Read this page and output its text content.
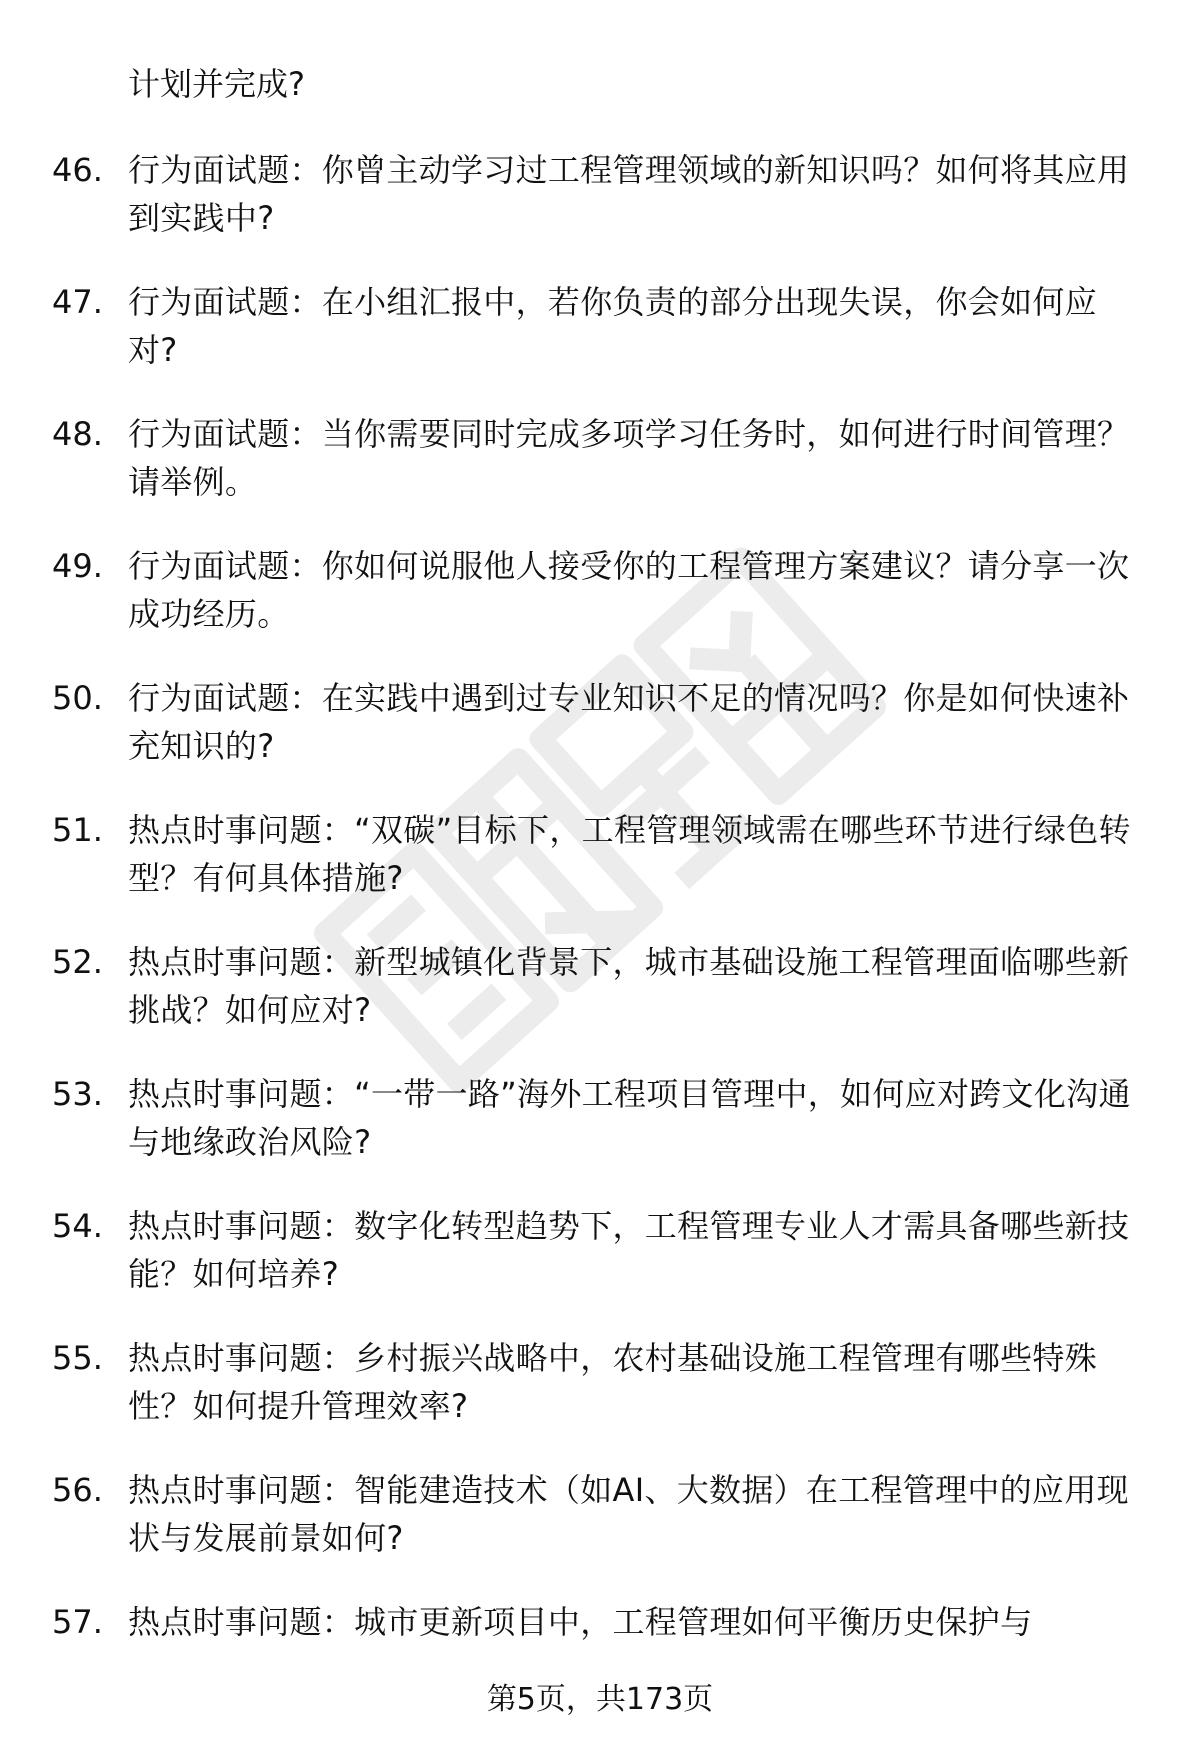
计划并完成?
46. 行为面试题：你曾主动学习过工程管理领域的新知识吗？如何将其应用到实践中?
47. 行为面试题：在小组汇报中，若你负责的部分出现失误，你会如何应对?
48. 行为面试题：当你需要同时完成多项学习任务时，如何进行时间管理？请举例。
49. 行为面试题：你如何说服他人接受你的工程管理方案建议？请分享一次成功经历。
50. 行为面试题：在实践中遇到过专业知识不足的情况吗？你是如何快速补充知识的?
51. 热点时事问题：“双碳”目标下，工程管理领域需在哪些环节进行绿色转型？有何具体措施?
52. 热点时事问题：新型城镇化背景下，城市基础设施工程管理面临哪些新挑战？如何应对?
53. 热点时事问题：“一带一路”海外工程项目管理中，如何应对跨文化沟通与地缘政治风险?
54. 热点时事问题：数字化转型趋势下，工程管理专业人才需具备哪些新技能？如何培养?
55. 热点时事问题：乡村振兴战略中，农村基础设施工程管理有哪些特殊性？如何提升管理效率?
56. 热点时事问题：智能建造技术（如AI、大数据）在工程管理中的应用现状与发展前景如何?
57. 热点时事问题：城市更新项目中，工程管理如何平衡历史保护与
第5页，共173页
